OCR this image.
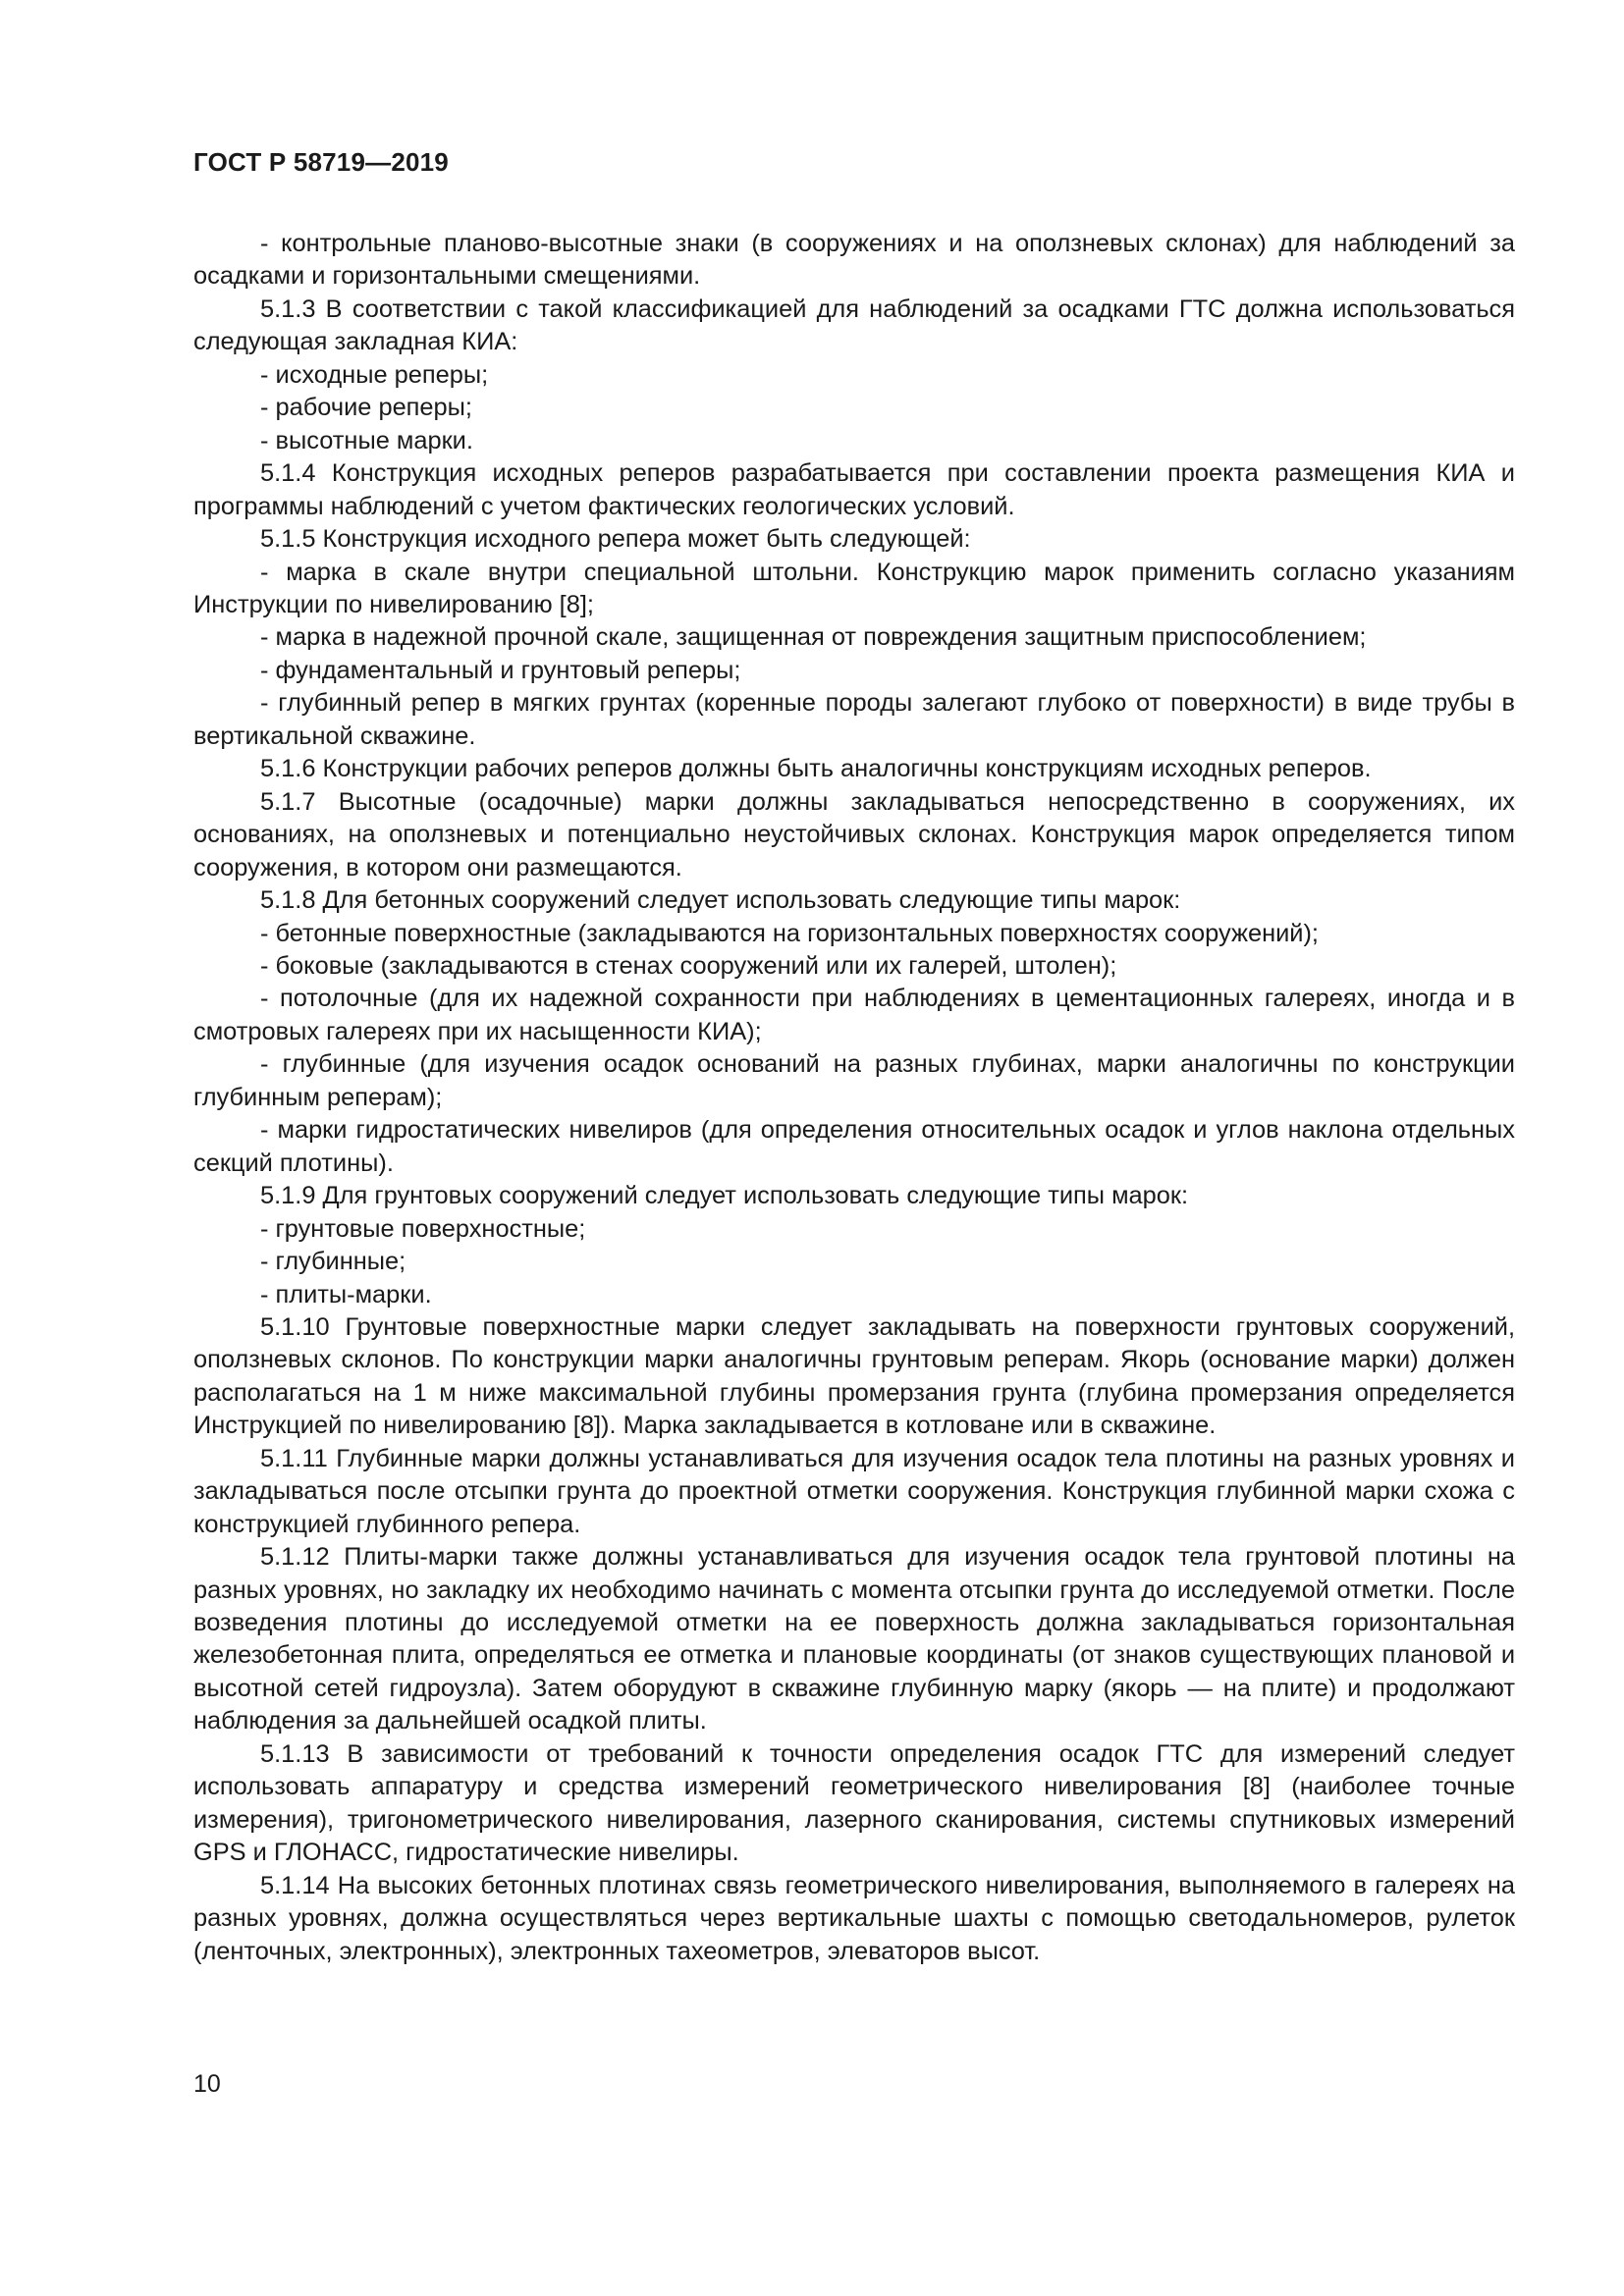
ГОСТ Р 58719—2019

- контрольные планово-высотные знаки (в сооружениях и на оползневых склонах) для наблюдений за осадками и горизонтальными смещениями.

5.1.3 В соответствии с такой классификацией для наблюдений за осадками ГТС должна использоваться следующая закладная КИА:

- исходные реперы;

- рабочие реперы;

- высотные марки.

5.1.4 Конструкция исходных реперов разрабатывается при составлении проекта размещения КИА и программы наблюдений с учетом фактических геологических условий.

5.1.5 Конструкция исходного репера может быть следующей:

- марка в скале внутри специальной штольни. Конструкцию марок применить согласно указаниям Инструкции по нивелированию [8];

- марка в надежной прочной скале, защищенная от повреждения защитным приспособлением;

- фундаментальный и грунтовый реперы;

- глубинный репер в мягких грунтах (коренные породы залегают глубоко от поверхности) в виде трубы в вертикальной скважине.

5.1.6 Конструкции рабочих реперов должны быть аналогичны конструкциям исходных реперов.

5.1.7 Высотные (осадочные) марки должны закладываться непосредственно в сооружениях, их основаниях, на оползневых и потенциально неустойчивых склонах. Конструкция марок определяется типом сооружения, в котором они размещаются.

5.1.8 Для бетонных сооружений следует использовать следующие типы марок:

- бетонные поверхностные (закладываются на горизонтальных поверхностях сооружений);

- боковые (закладываются в стенах сооружений или их галерей, штолен);

- потолочные (для их надежной сохранности при наблюдениях в цементационных галереях, иногда и в смотровых галереях при их насыщенности КИА);

- глубинные (для изучения осадок оснований на разных глубинах, марки аналогичны по конструкции глубинным реперам);

- марки гидростатических нивелиров (для определения относительных осадок и углов наклона отдельных секций плотины).

5.1.9 Для грунтовых сооружений следует использовать следующие типы марок:

- грунтовые поверхностные;

- глубинные;

- плиты-марки.

5.1.10 Грунтовые поверхностные марки следует закладывать на поверхности грунтовых сооружений, оползневых склонов. По конструкции марки аналогичны грунтовым реперам. Якорь (основание марки) должен располагаться на 1 м ниже максимальной глубины промерзания грунта (глубина промерзания определяется Инструкцией по нивелированию [8]). Марка закладывается в котловане или в скважине.

5.1.11 Глубинные марки должны устанавливаться для изучения осадок тела плотины на разных уровнях и закладываться после отсыпки грунта до проектной отметки сооружения. Конструкция глубинной марки схожа с конструкцией глубинного репера.

5.1.12 Плиты-марки также должны устанавливаться для изучения осадок тела грунтовой плотины на разных уровнях, но закладку их необходимо начинать с момента отсыпки грунта до исследуемой отметки. После возведения плотины до исследуемой отметки на ее поверхность должна закладываться горизонтальная железобетонная плита, определяться ее отметка и плановые координаты (от знаков существующих плановой и высотной сетей гидроузла). Затем оборудуют в скважине глубинную марку (якорь — на плите) и продолжают наблюдения за дальнейшей осадкой плиты.

5.1.13 В зависимости от требований к точности определения осадок ГТС для измерений следует использовать аппаратуру и средства измерений геометрического нивелирования [8] (наиболее точные измерения), тригонометрического нивелирования, лазерного сканирования, системы спутниковых измерений GPS и ГЛОНАСС, гидростатические нивелиры.

5.1.14 На высоких бетонных плотинах связь геометрического нивелирования, выполняемого в галереях на разных уровнях, должна осуществляться через вертикальные шахты с помощью светодальномеров, рулеток (ленточных, электронных), электронных тахеометров, элеваторов высот.

10
